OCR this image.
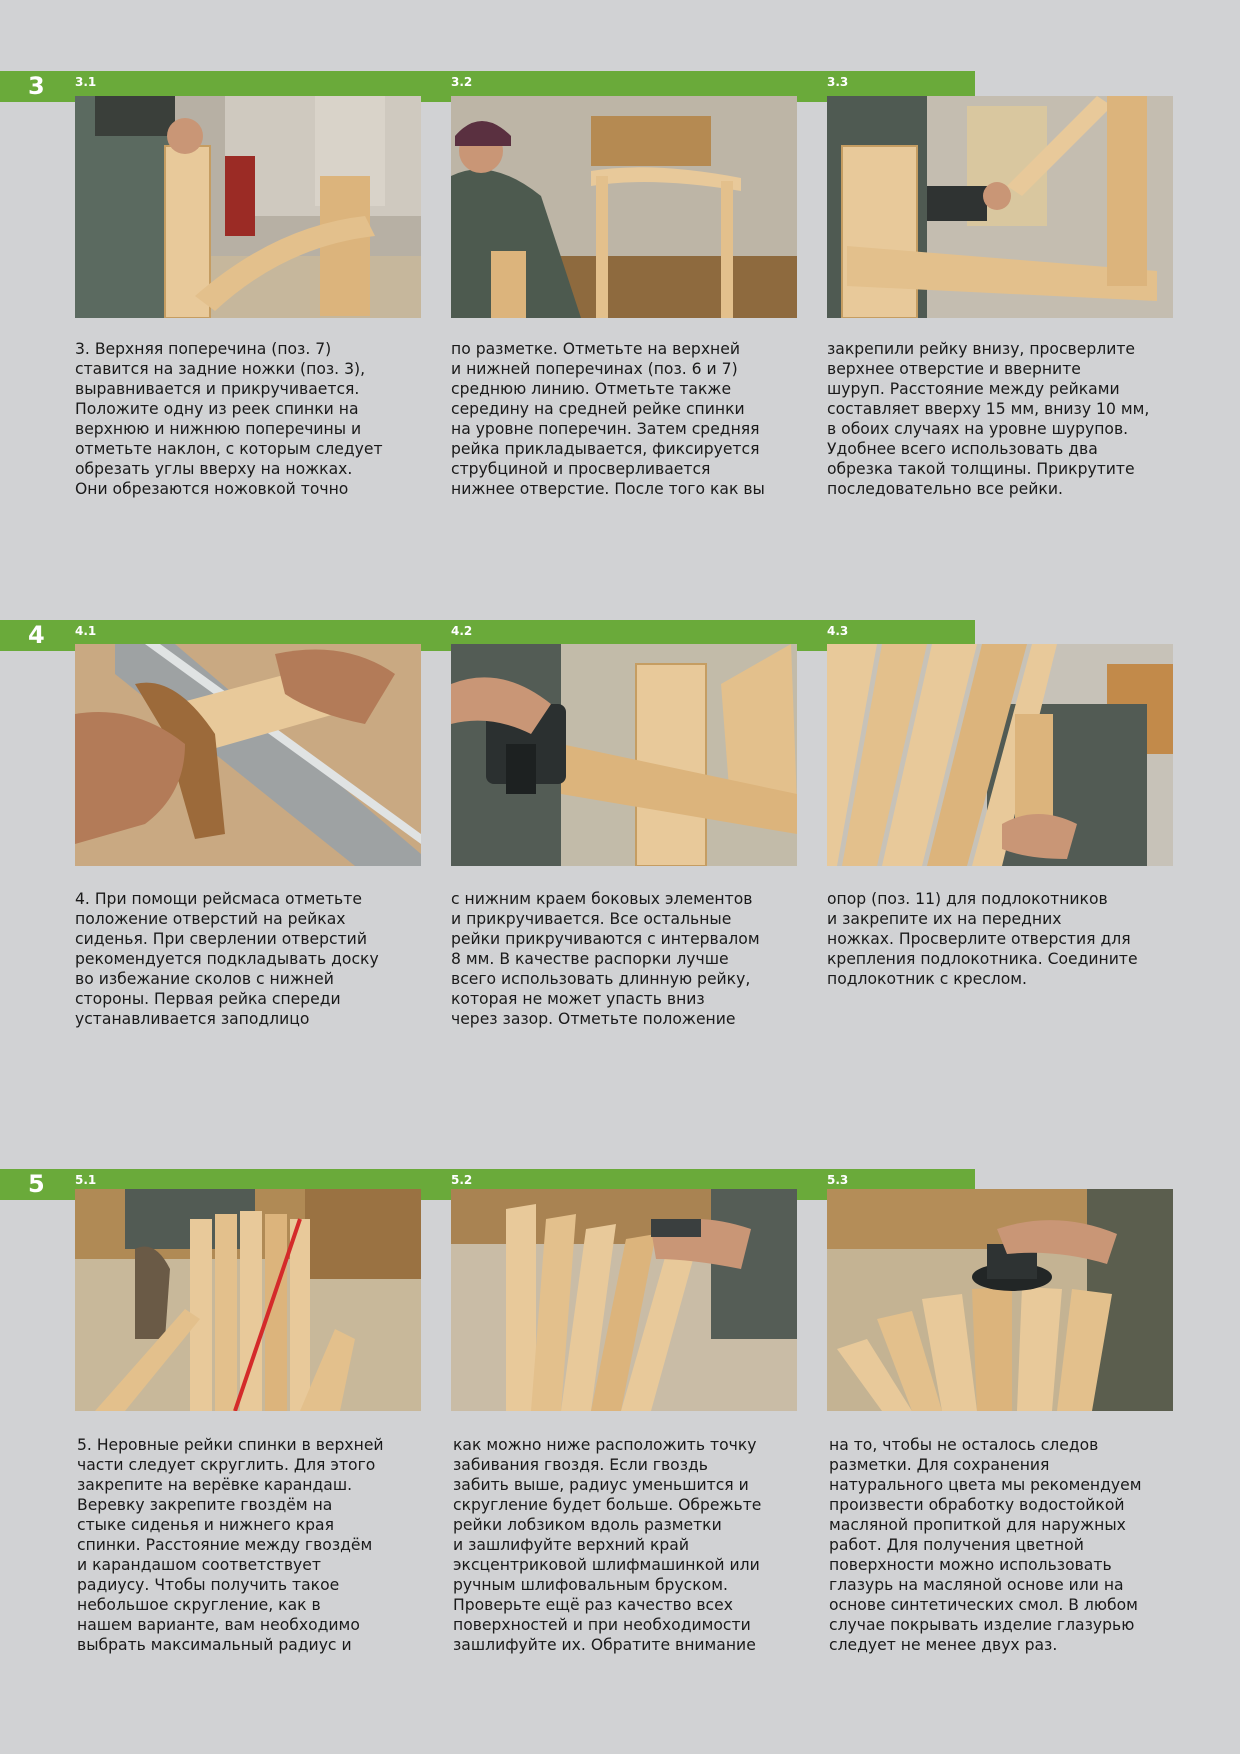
3	3.1	3.2	3.3
3. Верхняя поперечина (поз. 7)
ставится на задние ножки (поз. 3),
выравнивается и прикручивается.
Положите одну из реек спинки на
верхнюю и нижнюю поперечины и
отметьте наклон, с которым следует
обрезать углы вверху на ножках.
Они обрезаются ножовкой точно
по разметке. Отметьте на верхней
и нижней поперечинах (поз. 6 и 7)
среднюю линию. Отметьте также
середину на средней рейке спинки
на уровне поперечин. Затем средняя
рейка прикладывается, фиксируется
струбциной и просверливается
нижнее отверстие. После того как вы
закрепили рейку внизу, просверлите
верхнее отверстие и вверните
шуруп. Расстояние между рейками
составляет вверху 15 мм, внизу 10 мм,
в обоих случаях на уровне шурупов.
Удобнее всего использовать два
обрезка такой толщины. Прикрутите
последовательно все рейки.
4	4.1	4.2	4.3
4. При помощи рейсмаса отметьте
положение отверстий на рейках
сиденья. При сверлении отверстий
рекомендуется подкладывать доску
во избежание сколов с нижней
стороны. Первая рейка спереди
устанавливается заподлицо
с нижним краем боковых элементов
и прикручивается. Все остальные
рейки прикручиваются с интервалом
8 мм. В качестве распорки лучше
всего использовать длинную рейку,
которая не может упасть вниз
через зазор. Отметьте положение
опор (поз. 11) для подлокотников
и закрепите их на передних
ножках. Просверлите отверстия для
крепления подлокотника. Соедините
подлокотник с креслом.
5	5.1	5.2	5.3
5. Неровные рейки спинки в верхней
части следует скруглить. Для этого
закрепите на верёвке карандаш.
Веревку закрепите гвоздём на
стыке сиденья и нижнего края
спинки. Расстояние между гвоздём
и карандашом соответствует
радиусу. Чтобы получить такое
небольшое скругление, как в
нашем варианте, вам необходимо
выбрать максимальный радиус и
как можно ниже расположить точку
забивания гвоздя. Если гвоздь
забить выше, радиус уменьшится и
скругление будет больше. Обрежьте
рейки лобзиком вдоль разметки
и зашлифуйте верхний край
эксцентриковой шлифмашинкой или
ручным шлифовальным бруском.
Проверьте ещё раз качество всех
поверхностей и при необходимости
зашлифуйте их. Обратите внимание
на то, чтобы не осталось следов
разметки. Для сохранения
натурального цвета мы рекомендуем
произвести обработку водостойкой
масляной пропиткой для наружных
работ. Для получения цветной
поверхности можно использовать
глазурь на масляной основе или на
основе синтетических смол. В любом
случае покрывать изделие глазурью
следует не менее двух раз.
